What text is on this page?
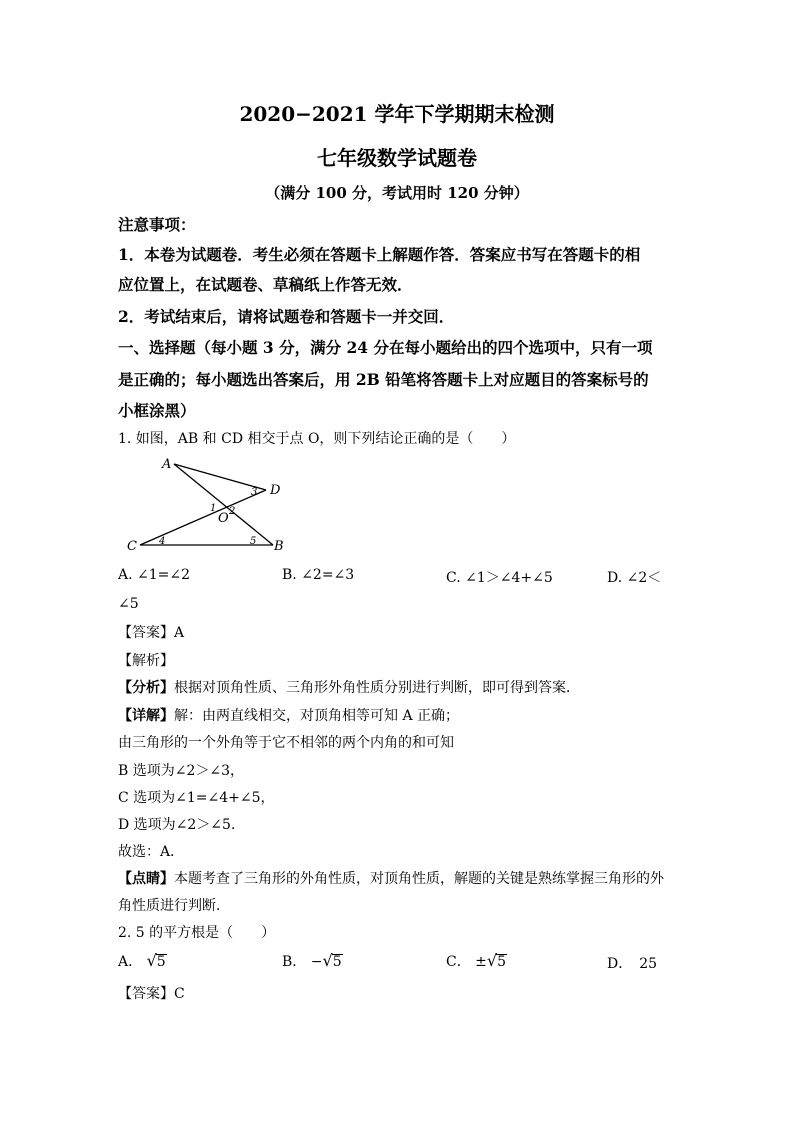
2020−2021 学年下学期期末检测
七年级数学试题卷
（满分 100 分，考试用时 120 分钟）
注意事项：
1．本卷为试题卷．考生必须在答题卡上解题作答．答案应书写在答题卡的相
应位置上，在试题卷、草稿纸上作答无效．
2．考试结束后，请将试题卷和答题卡一并交回．
一、选择题（每小题 3 分，满分 24 分在每小题给出的四个选项中，只有一项
是正确的；每小题选出答案后，用 2B 铅笔将答题卡上对应题目的答案标号的
小框涂黑）
1. 如图，AB 和 CD 相交于点 O，则下列结论正确的是（　　）
A
D
O
C	B
1 2
3
4	5
A. ∠1=∠2	B. ∠2=∠3	C. ∠1＞∠4+∠5	D. ∠2＜
∠5
【答案】A
【解析】
【分析】根据对顶角性质、三角形外角性质分别进行判断，即可得到答案．
【详解】解：由两直线相交，对顶角相等可知 A 正确；
由三角形的一个外角等于它不相邻的两个内角的和可知
B 选项为∠2＞∠3，
C 选项为∠1=∠4+∠5，
D 选项为∠2＞∠5．
故选：A．
【点睛】本题考查了三角形的外角性质，对顶角性质，解题的关键是熟练掌握三角形的外
角性质进行判断．
2. 5 的平方根是（　　）
A． √5	B． −√5	C． ±√5	D．　25
【答案】C
